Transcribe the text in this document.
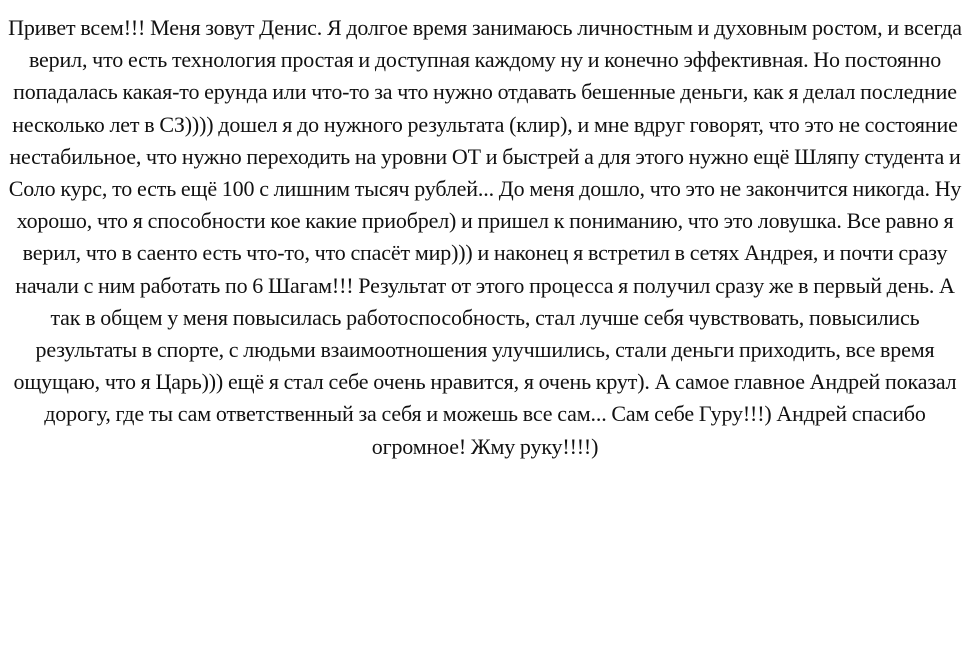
Привет всем!!! Меня зовут Денис. Я долгое время занимаюсь личностным и духовным ростом, и всегда верил, что есть технология простая и доступная каждому ну и конечно эффективная. Но постоянно попадалась какая-то ерунда или что-то за что нужно отдавать бешенные деньги, как я делал последние несколько лет в СЗ)))) дошел я до нужного результата (клир), и мне вдруг говорят, что это не состояние нестабильное, что нужно переходить на уровни ОТ и быстрей а для этого нужно ещё Шляпу студента и Соло курс, то есть ещё 100 с лишним тысяч рублей... До меня дошло, что это не закончится никогда. Ну хорошо, что я способности кое какие приобрел) и пришел к пониманию, что это ловушка. Все равно я верил, что в саенто есть что-то, что спасёт мир))) и наконец я встретил в сетях Андрея, и почти сразу начали с ним работать по 6 Шагам!!! Результат от этого процесса я получил сразу же в первый день. А так в общем у меня повысилась работоспособность, стал лучше себя чувствовать, повысились результаты в спорте, с людьми взаимоотношения улучшились, стали деньги приходить, все время ощущаю, что я Царь))) ещё я стал себе очень нравится, я очень крут). А самое главное Андрей показал дорогу, где ты сам ответственный за себя и можешь все сам... Сам себе Гуру!!!) Андрей спасибо огромное! Жму руку!!!!)
